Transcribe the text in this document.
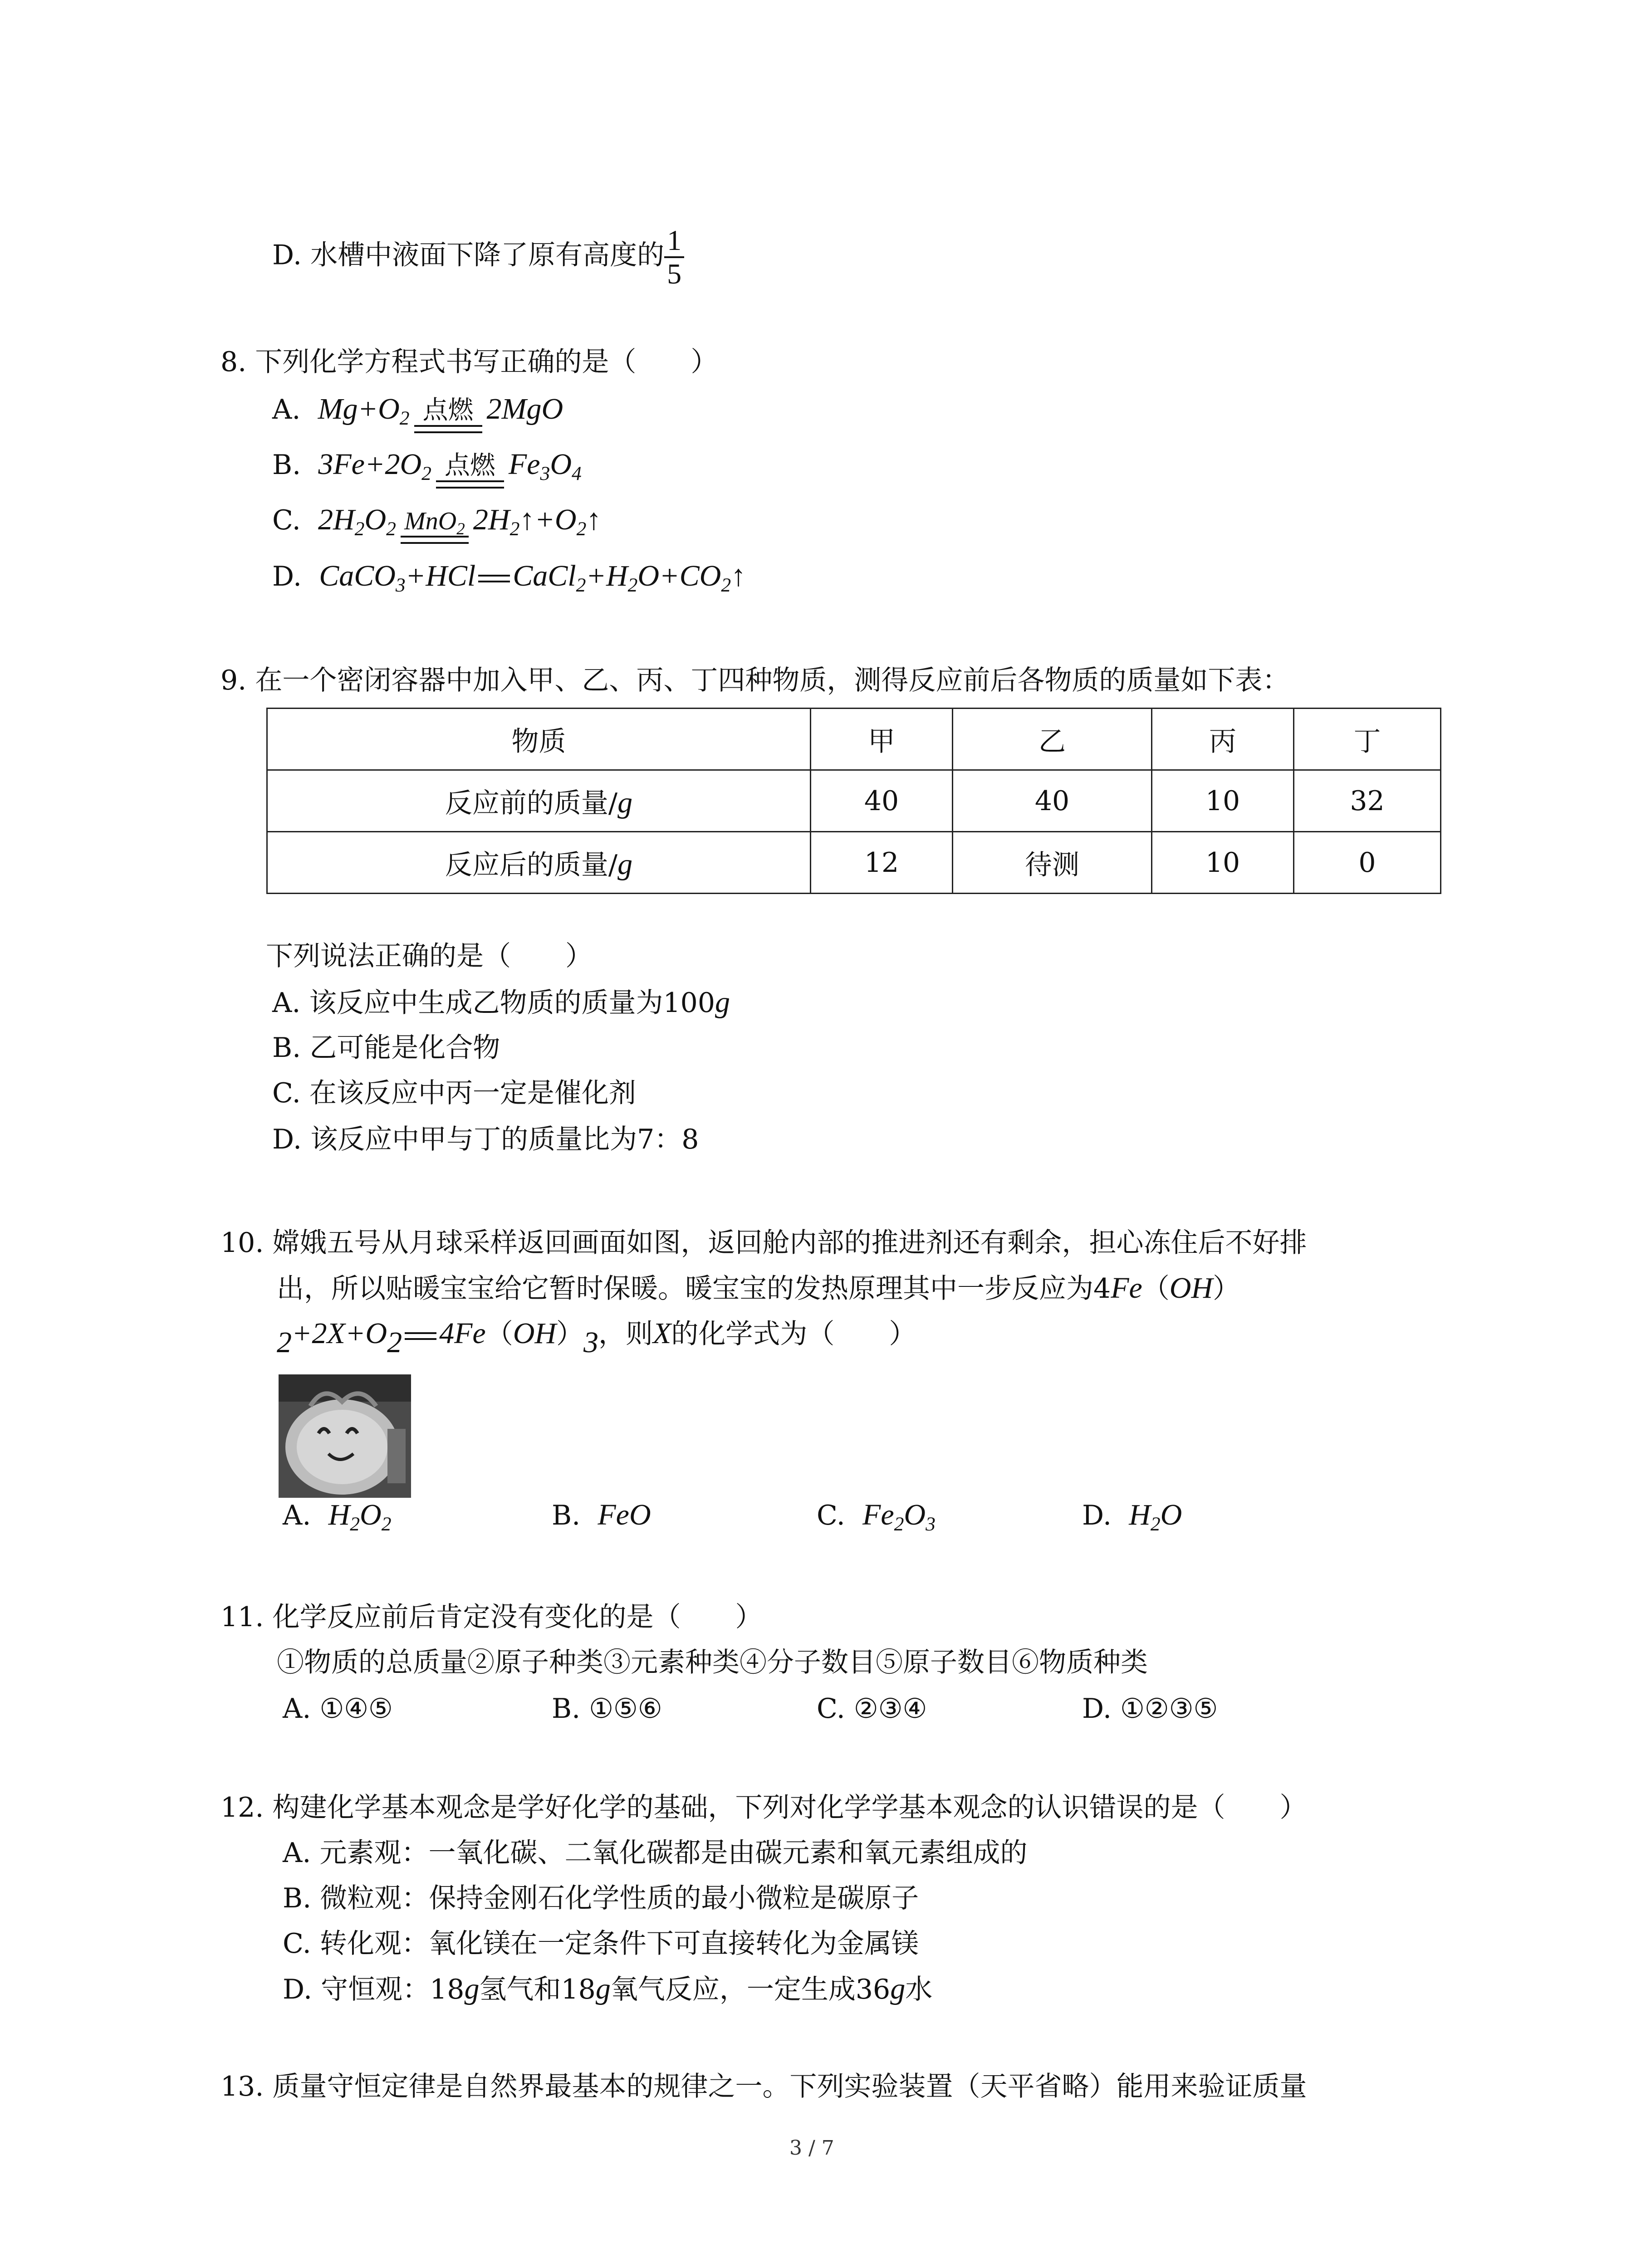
D. 水槽中液面下降了原有高度的 $\frac{1}{5}$
8. 下列化学方程式书写正确的是（　　）
A. $Mg+O_2$ 点燃 2MgO
B. $3Fe+2O_2$ 点燃 $Fe_3O_4$
C. $2H_2O_2$ MnO$_2$ $2H_2↑+O_2↑$
D. CaCO$_3$+HCl $CaCl_2+H_2O+CO_2↑$
9. 在一个密闭容器中加入甲、乙、丙、丁四种物质，测得反应前后各物质的质量如下表：
物质	甲	乙	丙	丁
反应前的质量/g	40	40	10	32
反应后的质量/g	12	待测	10	0
下列说法正确的是（　　）
A. 该反应中生成乙物质的质量为100g
B. 乙可能是化合物
C. 在该反应中丙一定是催化剂
D. 该反应中甲与丁的质量比为7：8
10. 嫦娥五号从月球采样返回画面如图，返回舱内部的推进剂还有剩余，担心冻住后不好排
出，所以贴暖宝宝给它暂时保暖。暖宝宝的发热原理其中一步反应为4Fe（OH）
$_2+2X+O_2$ $4Fe(OH)_3$，则X的化学式为（　　）
A. $H_2O_2$	B. FeO	C. $Fe_2O_3$	D. $H_2O$
11. 化学反应前后肯定没有变化的是（　　）
①物质的总质量②原子种类③元素种类④分子数目⑤原子数目⑥物质种类
A. ①④⑤	B. ①⑤⑥	C. ②③④	D. ①②③⑤
12. 构建化学基本观念是学好化学的基础，下列对化学学基本观念的认识错误的是（　　）
A. 元素观：一氧化碳、二氧化碳都是由碳元素和氧元素组成的
B. 微粒观：保持金刚石化学性质的最小微粒是碳原子
C. 转化观：氧化镁在一定条件下可直接转化为金属镁
D. 守恒观：18g氢气和18g氧气反应，一定生成36g水
13. 质量守恒定律是自然界最基本的规律之一。下列实验装置（天平省略）能用来验证质量
3 / 7
